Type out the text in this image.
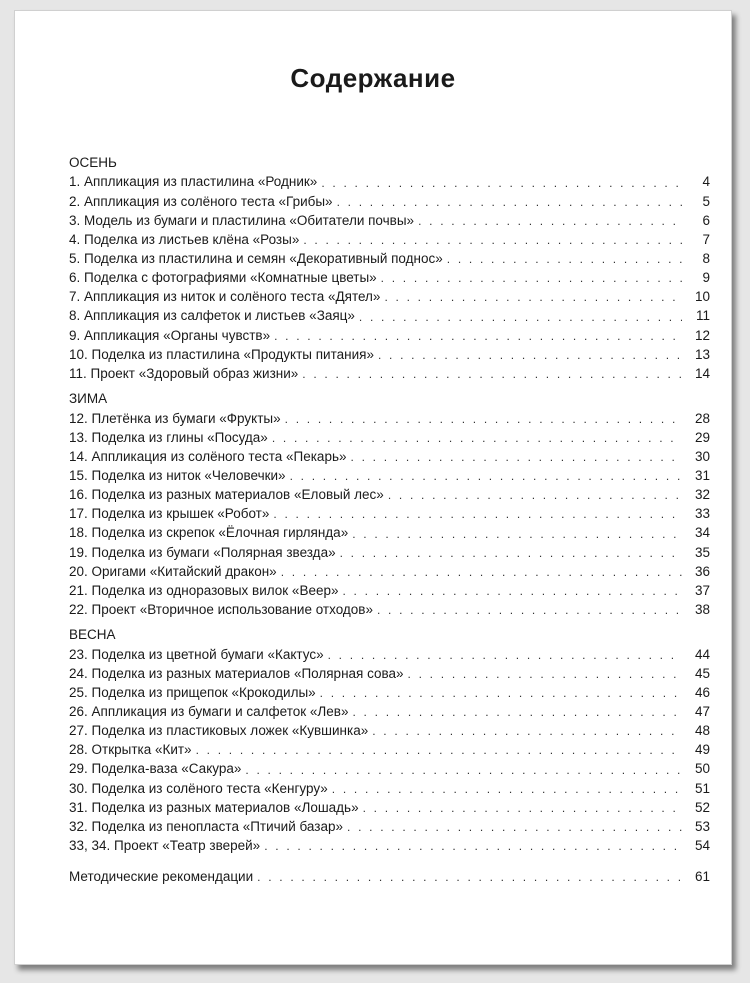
Содержание
ОСЕНЬ
1. Аппликация из пластилина «Родник» . . .	4
2. Аппликация из солёного теста «Грибы» . . .	5
3. Модель из бумаги и пластилина «Обитатели почвы» . . .	6
4. Поделка из листьев клёна «Розы» . . .	7
5. Поделка из пластилина и семян «Декоративный поднос» . . .	8
6. Поделка с фотографиями «Комнатные цветы» . . .	9
7. Аппликация из ниток и солёного теста «Дятел» . . .	10
8. Аппликация из салфеток и листьев «Заяц» . . .	11
9. Аппликация «Органы чувств» . . .	12
10. Поделка из пластилина «Продукты питания» . . .	13
11. Проект «Здоровый образ жизни» . . .	14
ЗИМА
12. Плетёнка из бумаги «Фрукты» . . .	28
13. Поделка из глины «Посуда» . . .	29
14. Аппликация из солёного теста «Пекарь» . . .	30
15. Поделка из ниток «Человечки» . . .	31
16. Поделка из разных материалов «Еловый лес» . . .	32
17. Поделка из крышек «Робот» . . .	33
18. Поделка из скрепок «Ёлочная гирлянда» . . .	34
19. Поделка из бумаги «Полярная звезда» . . .	35
20. Оригами «Китайский дракон» . . .	36
21. Поделка из одноразовых вилок «Веер» . . .	37
22. Проект «Вторичное использование отходов» . . .	38
ВЕСНА
23. Поделка из цветной бумаги «Кактус» . . .	44
24. Поделка из разных материалов «Полярная сова» . . .	45
25. Поделка из прищепок «Крокодилы» . . .	46
26. Аппликация из бумаги и салфеток «Лев» . . .	47
27. Поделка из пластиковых ложек «Кувшинка» . . .	48
28. Открытка «Кит» . . .	49
29. Поделка-ваза «Сакура» . . .	50
30. Поделка из солёного теста «Кенгуру» . . .	51
31. Поделка из разных материалов «Лошадь» . . .	52
32. Поделка из пенопласта «Птичий базар» . . .	53
33, 34. Проект «Театр зверей» . . .	54
Методические рекомендации . . .	61
